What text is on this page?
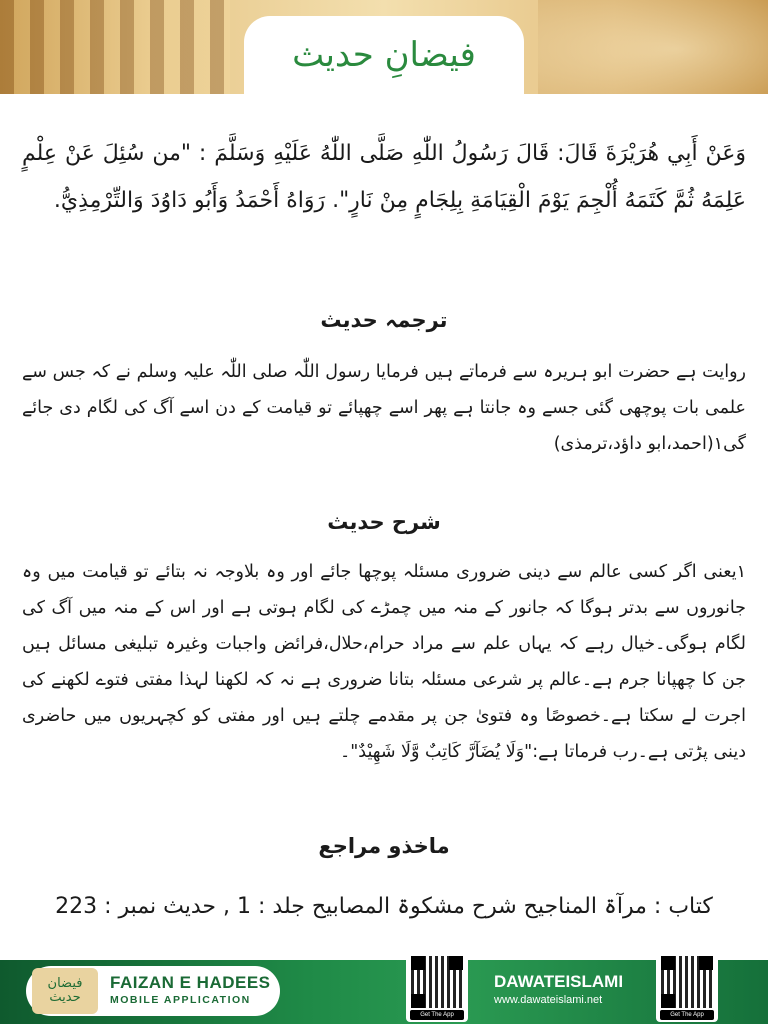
فیضانِ حدیث
وَعَنْ أَبِي هُرَيْرَةَ قَالَ: قَالَ رَسُولُ اللّٰهِ صَلَّى اللّٰهُ عَلَيْهِ وَسَلَّمَ : "من سُئِلَ عَنْ عِلْمٍ عَلِمَهُ ثُمَّ كَتَمَهُ أُلْجِمَ يَوْمَ الْقِيَامَةِ بِلِجَامٍ مِنْ نَارٍ". رَوَاهُ أَحْمَدُ وَأَبُو دَاوُدَ وَالتِّرْمِذِيُّ.
ترجمہ حدیث
روایت ہے حضرت ابو ہریرہ سے فرماتے ہیں فرمایا رسول اللّٰہ صلی اللّٰہ علیہ وسلم نے کہ جس سے علمی بات پوچھی گئی جسے وہ جانتا ہے پھر اسے چھپائے تو قیامت کے دن اسے آگ کی لگام دی جائے گی۱(احمد،ابو داؤد،ترمذی)
شرح حدیث
۱یعنی اگر کسی عالم سے دینی ضروری مسئلہ پوچھا جائے اور وہ بلاوجہ نہ بتائے تو قیامت میں وہ جانوروں سے بدتر ہوگا کہ جانور کے منہ میں چمڑے کی لگام ہوتی ہے اور اس کے منہ میں آگ کی لگام ہوگی۔خیال رہے کہ یہاں علم سے مراد حرام،حلال،فرائض واجبات وغیرہ تبلیغی مسائل ہیں جن کا چھپانا جرم ہے۔عالم پر شرعی مسئلہ بتانا ضروری ہے نہ کہ لکھنا لہذا مفتی فتوے لکھنے کی اجرت لے سکتا ہے۔خصوصًا وہ فتویٰ جن پر مقدمے چلتے ہیں اور مفتی کو کچہریوں میں حاضری دینی پڑتی ہے۔رب فرماتا ہے:"وَلَا يُضَآرَّ كَاتِبٌ وَّلَا شَهِيْدٌ"۔
ماخذو مراجع
کتاب : مرآۃ المناجیح شرح مشکوۃ المصابیح جلد : 1 , حدیث نمبر : 223
فیضان حدیث
FAIZAN E HADEES
MOBILE APPLICATION
Get The App
DAWATEISLAMI
www.dawateislami.net
Get The App
